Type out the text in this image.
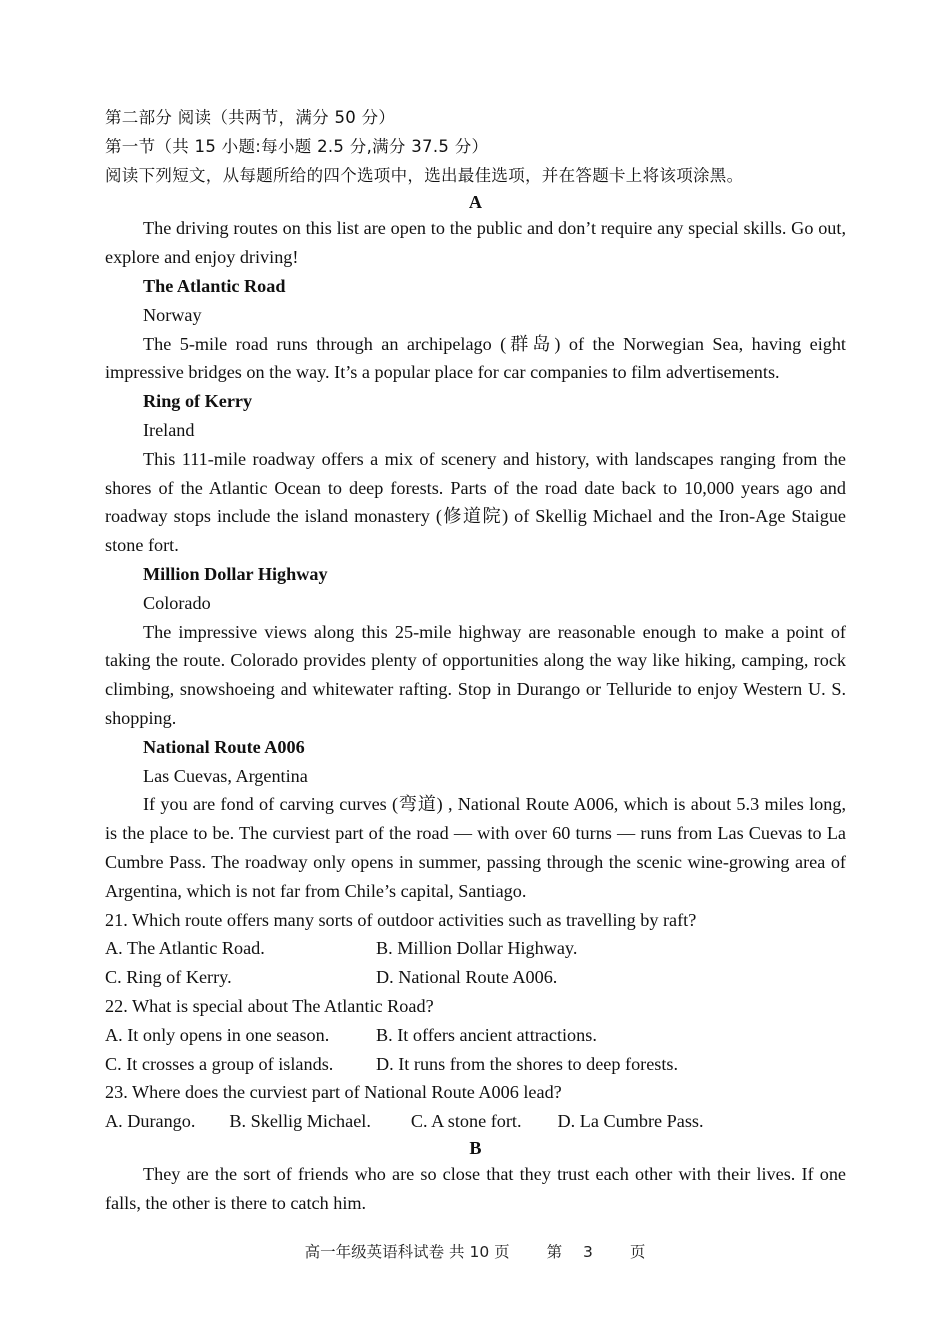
第二部分 阅读（共两节，满分 50 分）
第一节（共 15 小题:每小题 2.5 分,满分 37.5 分）
阅读下列短文，从每题所给的四个选项中，选出最佳选项，并在答题卡上将该项涂黑。
A
The driving routes on this list are open to the public and don’t require any special skills. Go out, explore and enjoy driving!
The Atlantic Road
Norway
The 5-mile road runs through an archipelago (群岛) of the Norwegian Sea, having eight impressive bridges on the way. It’s a popular place for car companies to film advertisements.
Ring of Kerry
Ireland
This 111-mile roadway offers a mix of scenery and history, with landscapes ranging from the shores of the Atlantic Ocean to deep forests. Parts of the road date back to 10,000 years ago and roadway stops include the island monastery (修道院) of Skellig Michael and the Iron-Age Staigue stone fort.
Million Dollar Highway
Colorado
The impressive views along this 25-mile highway are reasonable enough to make a point of taking the route. Colorado provides plenty of opportunities along the way like hiking, camping, rock climbing, snowshoeing and whitewater rafting. Stop in Durango or Telluride to enjoy Western U. S. shopping.
National Route A006
Las Cuevas, Argentina
If you are fond of carving curves (弯道) , National Route A006, which is about 5.3 miles long, is the place to be. The curviest part of the road — with over 60 turns — runs from Las Cuevas to La Cumbre Pass. The roadway only opens in summer, passing through the scenic wine-growing area of Argentina, which is not far from Chile’s capital, Santiago.
21. Which route offers many sorts of outdoor activities such as travelling by raft?
A. The Atlantic Road.	B. Million Dollar Highway.
C. Ring of Kerry.	D. National Route A006.
22. What is special about The Atlantic Road?
A. It only opens in one season.	B. It offers ancient attractions.
C. It crosses a group of islands.	D. It runs from the shores to deep forests.
23. Where does the curviest part of National Route A006 lead?
A. Durango. B. Skellig Michael. C. A stone fort. D. La Cumbre Pass.
B
They are the sort of friends who are so close that they trust each other with their lives. If one falls, the other is there to catch him.
高一年级英语科试卷 共 10 页 第 3 页
